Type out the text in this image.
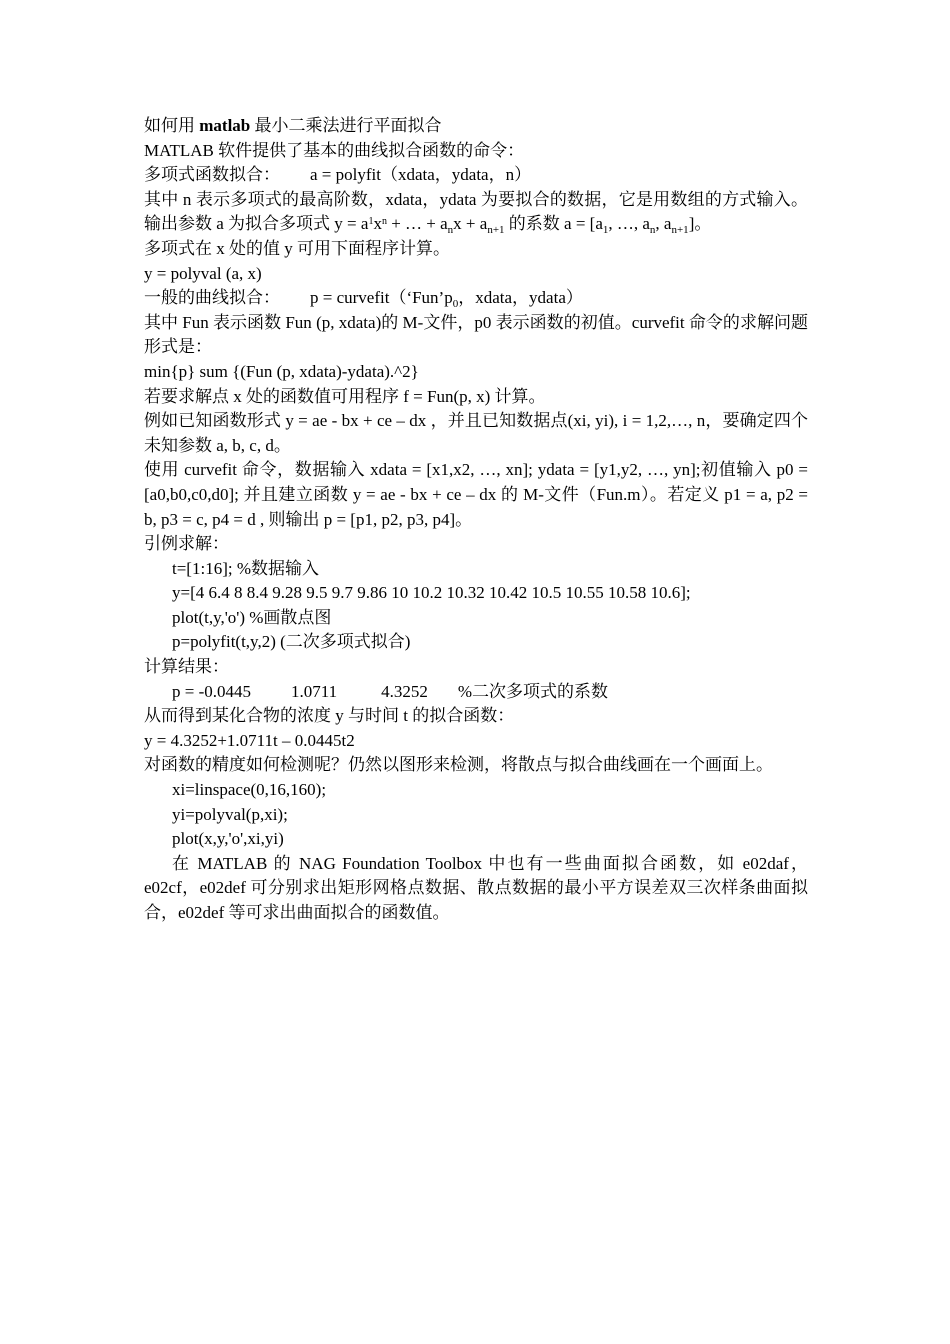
如何用 matlab 最小二乘法进行平面拟合

MATLAB 软件提供了基本的曲线拟合函数的命令：

多项式函数拟合： a = polyfit（xdata，ydata，n）

其中 n 表示多项式的最高阶数，xdata，ydata 为要拟合的数据，它是用数组的方式输入。输出参数 a 为拟合多项式 $y = a^1x^n$ + … + $a_nx + a_{n+1}$ 的系数 $a = [a_1$, …, $a_n$, $a_{n+1}$]。

多项式在 x 处的值 y 可用下面程序计算。

y = polyval (a, x)

一般的曲线拟合： $p = curvefit(‘Fun’p_0$，xdata，ydata）

其中 Fun 表示函数 Fun (p, xdata)的 M-文件，p0 表示函数的初值。curvefit 命令的求解问题形式是：

min{p} sum {(Fun (p, xdata)-ydata).^2}

若要求解点 x 处的函数值可用程序 f = Fun(p, x) 计算。

例如已知函数形式 y = ae - bx + ce – dx ，并且已知数据点(xi, yi), i = 1,2,…, n，要确定四个未知参数 a, b, c, d。

使用 curvefit 命令，数据输入 xdata = [x1,x2, …, xn]; ydata = [y1,y2, …, yn];初值输入 p0 = [a0,b0,c0,d0]; 并且建立函数 y = ae - bx + ce – dx 的 M-文件（Fun.m）。若定义 p1 = a, p2 = b, p3 = c, p4 = d , 则输出 p = [p1, p2, p3, p4]。

引例求解：

t=[1:16]; %数据输入

y=[4 6.4 8 8.4 9.28 9.5 9.7 9.86 10 10.2 10.32 10.42 10.5 10.55 10.58 10.6];

plot(t,y,'o') %画散点图

p=polyfit(t,y,2) (二次多项式拟合)

计算结果：

p = -0.0445 1.0711	4.3252 %二次多项式的系数

从而得到某化合物的浓度 y 与时间 t 的拟合函数：

y = 4.3252+1.0711t – 0.0445t2

对函数的精度如何检测呢？仍然以图形来检测，将散点与拟合曲线画在一个画面上。

xi=linspace(0,16,160);

yi=polyval(p,xi);

plot(x,y,'o',xi,yi)

在 MATLAB 的 NAG Foundation Toolbox 中也有一些曲面拟合函数，如 e02daf，e02cf，e02def 可分别求出矩形网格点数据、散点数据的最小平方误差双三次样条曲面拟合，e02def 等可求出曲面拟合的函数值。
